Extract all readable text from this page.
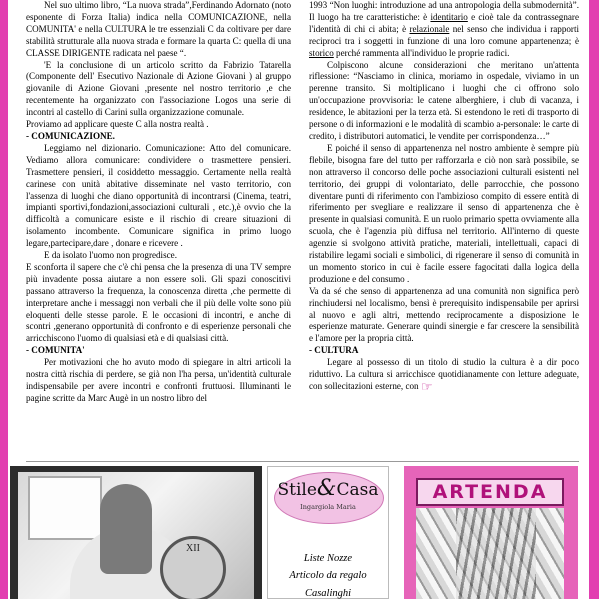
Nel suo ultimo libro, “La nuova strada”,Ferdinando Adornato (noto esponente di Forza Italia) indica nella COMUNICAZIONE, nella COMUNITA' e nella CULTURA le tre essenziali C da coltivare per dare stabilità strutturale alla nuova strada e formare la quarta C: quella di una CLASSE DIRIGENTE radicata nel paese “.

'E la conclusione di un articolo scritto da Fabrizio Tatarella (Componente dell' Esecutivo Nazionale di Azione Giovani ) al gruppo giovanile di Azione Giovani ,presente nel nostro territorio ,e che recentemente ha organizzato con l'associazione Logos una serie di incontri al castello di Carini sulla organizzazione comunale.

Proviamo ad applicare queste C alla nostra realtà .

- COMUNICAZIONE.

Leggiamo nel dizionario. Comunicazione: Atto del comunicare. Vediamo allora comunicare: condividere o trasmettere pensieri. Trasmettere pensieri, il cosiddetto messaggio. Certamente nella realtà carinese con unità abitative disseminate nel vasto territorio, con l'assenza di luoghi che diano opportunità di incontrarsi (Cinema, teatri, impianti sportivi,fondazioni,associazioni culturali , etc.),è ovvio che la difficoltà a comunicare esiste e il rischio di creare situazioni di isolamento incombente. Comunicare significa in primo luogo legare,partecipare,dare , donare e ricevere .

E da isolato l'uomo non progredisce.

E sconforta il sapere che c'è chi pensa che la presenza di una TV sempre più invadente possa aiutare a non essere soli. Gli spazi conoscitivi passano attraverso la frequenza, la conoscenza diretta ,che permette di interpretare anche i messaggi non verbali che il più delle volte sono più eloquenti delle stesse parole. E le occasioni di incontri, e anche di scontri ,generano opportunità di confronto e di esperienze personali che arricchiscono l'uomo di qualsiasi età e di qualsiasi città.

- COMUNITA'

Per motivazioni che ho avuto modo di spiegare in altri articoli la nostra città rischia di perdere, se già non l'ha persa, un'identità culturale indispensabile per avere incontri e confronti fruttuosi. Illuminanti le pagine scritte da Marc Augè in un nostro libro del

1993 “Non luoghi: introduzione ad una antropologia della submodernità”. Il luogo ha tre caratteristiche: è identitario e cioè tale da contrassegnare l'identità di chi ci abita; è relazionale nel senso che individua i rapporti reciproci tra i soggetti in funzione di una loro comune appartenenza; è storico perché rammenta all'individuo le proprie radici.

Colpiscono alcune considerazioni che meritano un'attenta riflessione: “Nasciamo in clinica, moriamo in ospedale, viviamo in un perenne transito. Si moltiplicano i luoghi che ci offrono solo un'occupazione provvisoria: le catene alberghiere, i club di vacanza, i residence, le abitazioni per la terza età. Si estendono le reti di trasporto di persone o di informazioni e le modalità di scambio a-personale: le carte di credito, i distributori automatici, le vendite per corrispondenza…”

E poiché il senso di appartenenza nel nostro ambiente è sempre più flebile, bisogna fare del tutto per rafforzarla e ciò non sarà possibile, se non attraverso il concorso delle poche associazioni culturali esistenti nel territorio, dei gruppi di volontariato, delle parrocchie, che possono diventare punti di riferimento con l'ambizioso compito di essere entità di riferimento per svegliare e realizzare il senso di appartenenza che è presente in qualsiasi comunità. E un ruolo primario spetta ovviamente alla scuola, che è l'agenzia più diffusa nel territorio. All'interno di queste agenzie si svolgono attività pratiche, materiali, intellettuali, capaci di ristabilire legami sociali e simbolici, di rigenerare il senso di comunità in un momento storico in cui è facile essere fagocitati dalla logica della produzione e del consumo .

Va da sé che senso di appartenenza ad una comunità non significa però rinchiudersi nel localismo, bensì è prerequisito indispensabile per aprirsi al nuovo e agli altri, mettendo reciprocamente a disposizione le esperienze maturate. Generare quindi sinergie e far crescere la sensibilità e l'amore per la propria città.

- CULTURA

Legare al possesso di un titolo di studio la cultura è a dir poco riduttivo. La cultura si arricchisce quotidianamente con letture adeguate, con sollecitazioni esterne, con ☞

XII
Stile&Casa
Ingargiola Maria
Liste Nozze
Articolo da regalo
Casalinghi
ARTENDA
